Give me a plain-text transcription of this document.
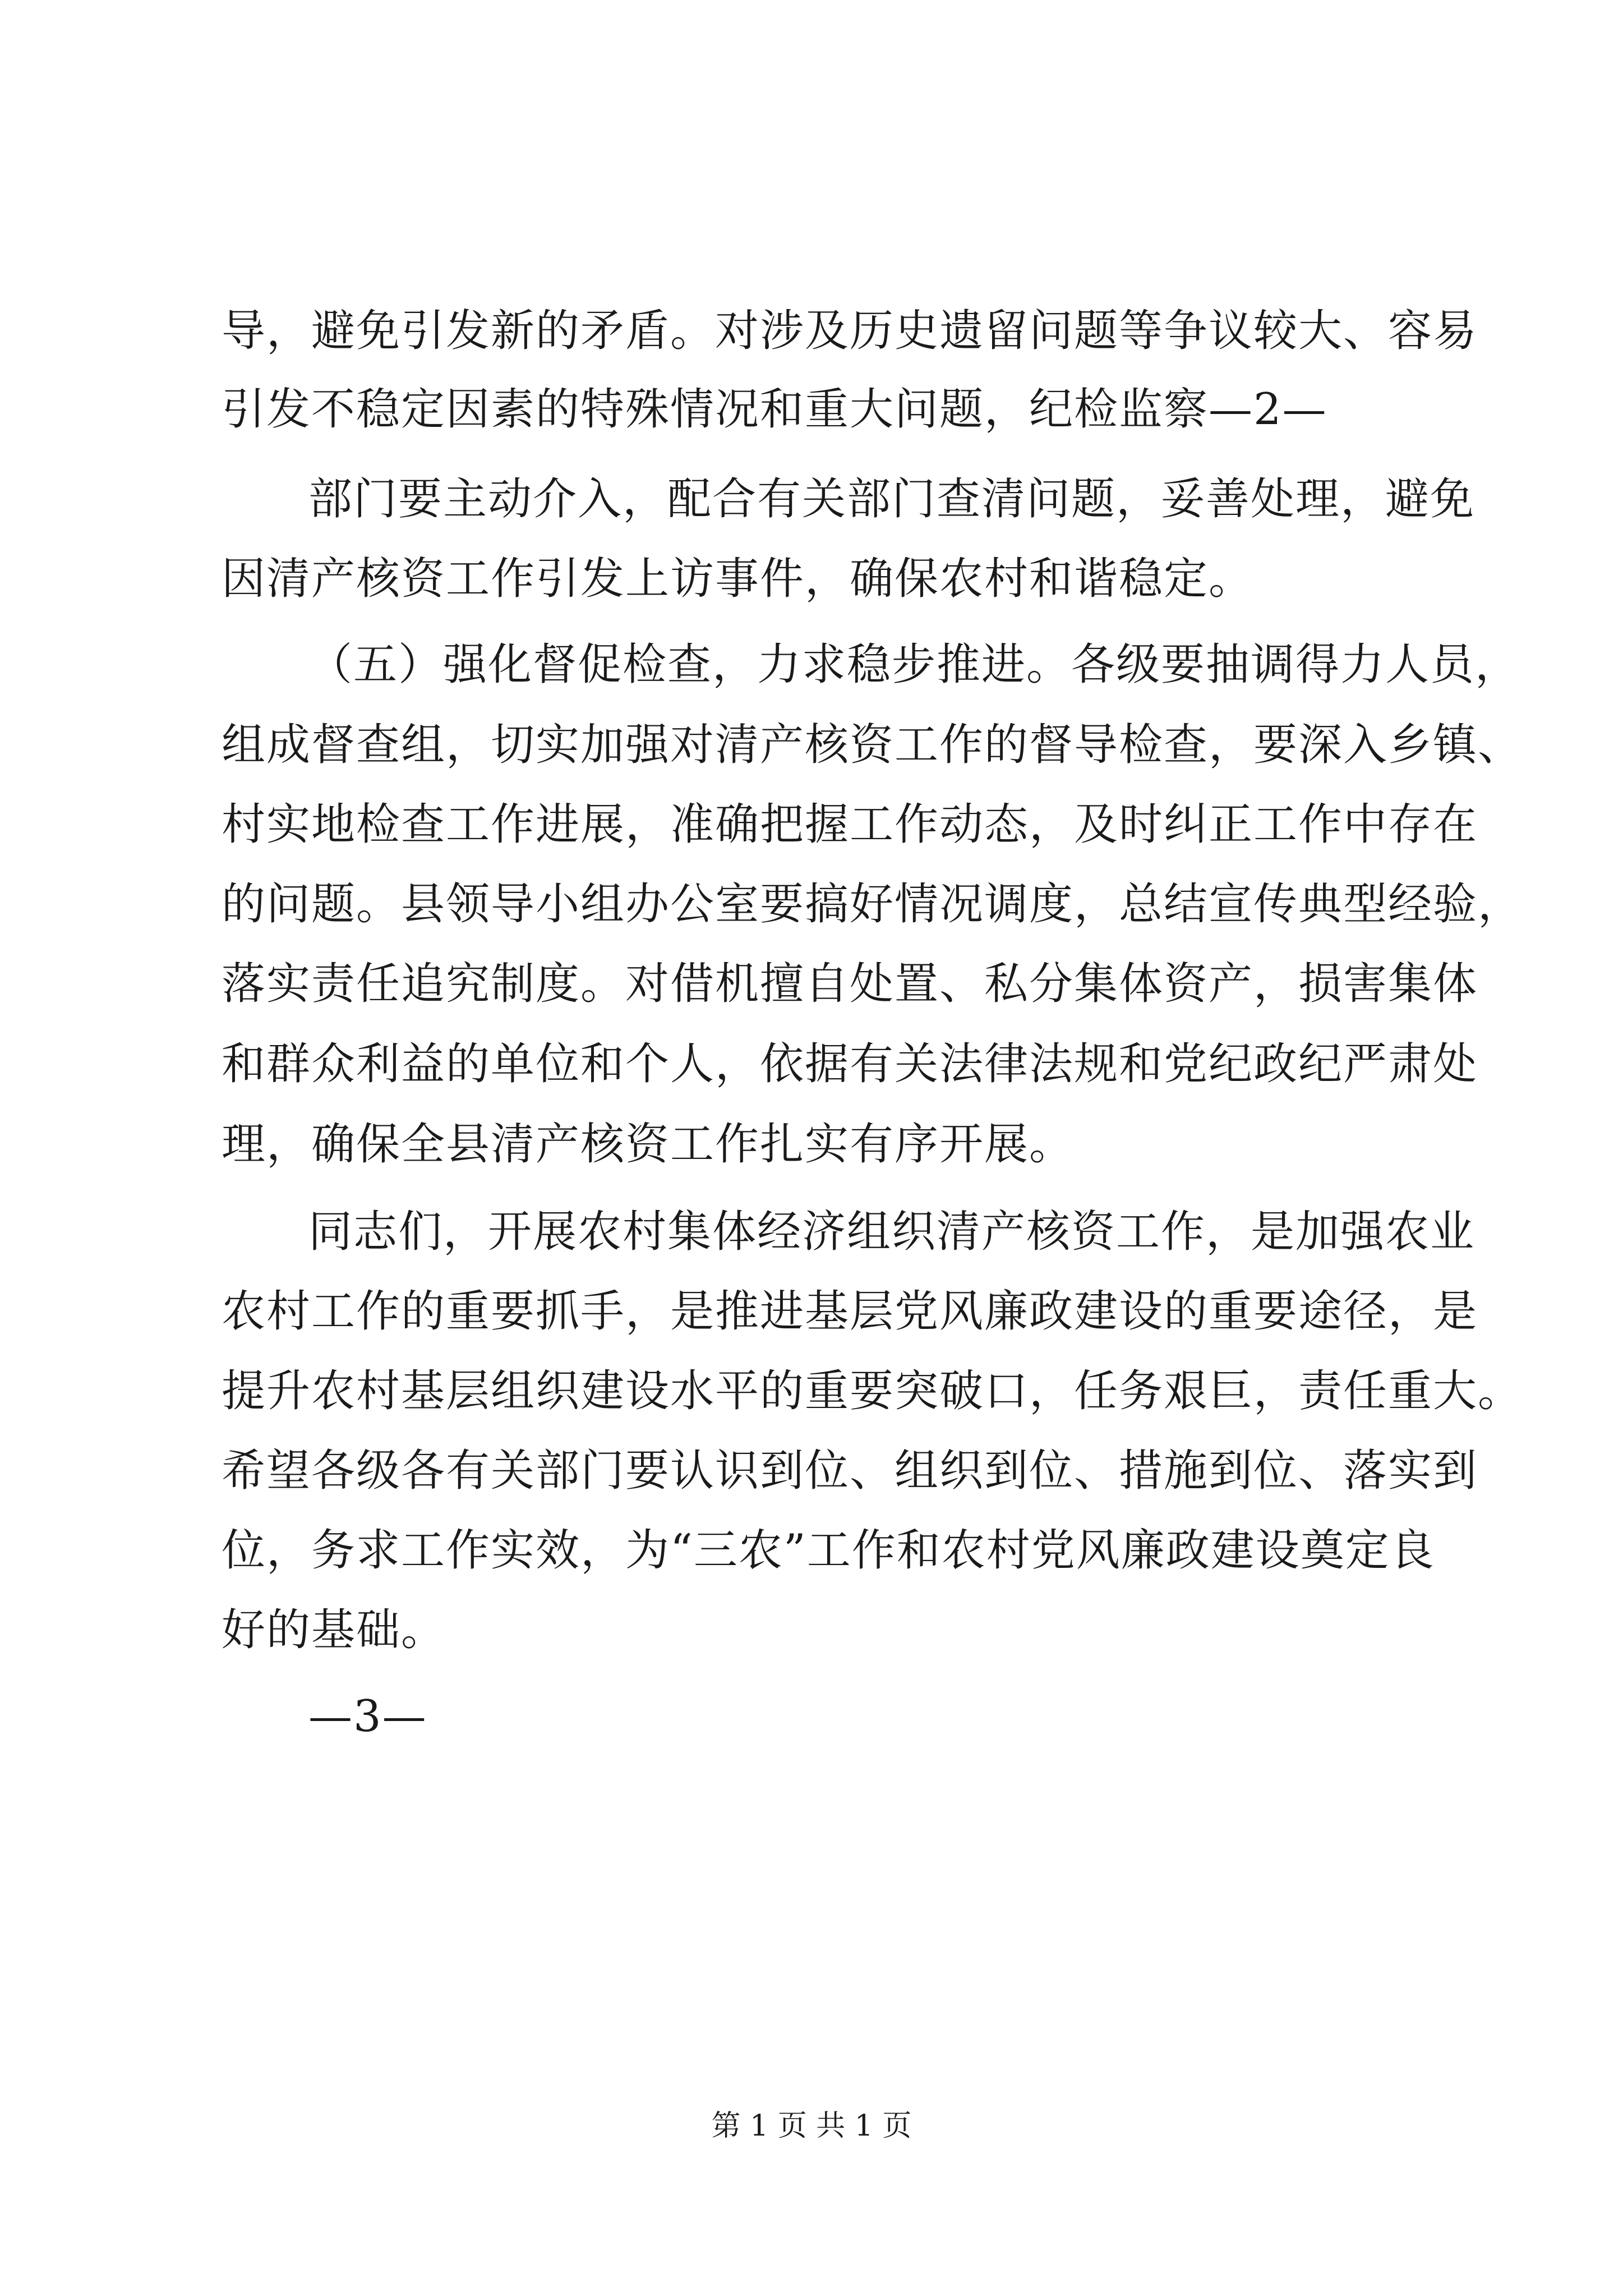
导，避免引发新的矛盾。对涉及历史遗留问题等争议较大、容易
引发不稳定因素的特殊情况和重大问题，纪检监察—2—
部门要主动介入，配合有关部门查清问题，妥善处理，避免
因清产核资工作引发上访事件，确保农村和谐稳定。
（五）强化督促检查，力求稳步推进。各级要抽调得力人员，
组成督查组，切实加强对清产核资工作的督导检查，要深入乡镇、
村实地检查工作进展，准确把握工作动态，及时纠正工作中存在
的问题。县领导小组办公室要搞好情况调度，总结宣传典型经验，
落实责任追究制度。对借机擅自处置、私分集体资产，损害集体
和群众利益的单位和个人，依据有关法律法规和党纪政纪严肃处
理，确保全县清产核资工作扎实有序开展。
同志们，开展农村集体经济组织清产核资工作，是加强农业
农村工作的重要抓手，是推进基层党风廉政建设的重要途径，是
提升农村基层组织建设水平的重要突破口，任务艰巨，责任重大。
希望各级各有关部门要认识到位、组织到位、措施到位、落实到
位，务求工作实效，为“三农”工作和农村党风廉政建设奠定良
好的基础。
—3—
第 1 页 共 1 页
